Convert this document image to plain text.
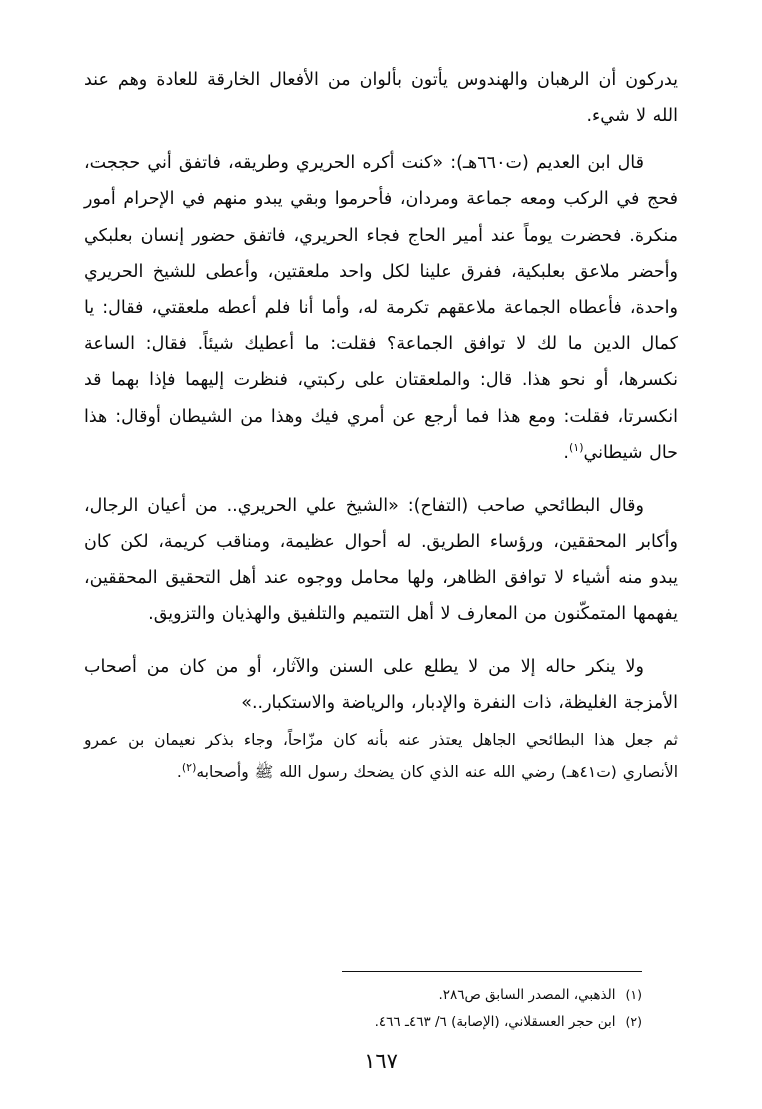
يدركون أن الرهبان والهندوس يأتون بألوان من الأفعال الخارقة للعادة وهم عند الله لا شيء.

قال ابن العديم (ت٦٦٠هـ): «كنت أكره الحريري وطريقه، فاتفق أني حججت، فحج في الركب ومعه جماعة ومردان، فأحرموا وبقي يبدو منهم في الإحرام أمور منكرة. فحضرت يوماً عند أمير الحاج فجاء الحريري، فاتفق حضور إنسان بعلبكي وأحضر ملاعق بعلبكية، ففرق علينا لكل واحد ملعقتين، وأعطى للشيخ الحريري واحدة، فأعطاه الجماعة ملاعقهم تكرمة له، وأما أنا فلم أعطه ملعقتي، فقال: يا كمال الدين ما لك لا توافق الجماعة؟ فقلت: ما أعطيك شيئاً. فقال: الساعة نكسرها، أو نحو هذا. قال: والملعقتان على ركبتي، فنظرت إليهما فإذا بهما قد انكسرتا، فقلت: ومع هذا فما أرجع عن أمري فيك وهذا من الشيطان أوقال: هذا حال شيطاني$^{(١)}$.

وقال البطائحي صاحب (التفاح): «الشيخ علي الحريري.. من أعيان الرجال، وأكابر المحققين، ورؤساء الطريق. له أحوال عظيمة، ومناقب كريمة، لكن كان يبدو منه أشياء لا توافق الظاهر، ولها محامل ووجوه عند أهل التحقيق المحققين، يفهمها المتمكّنون من المعارف لا أهل التتميم والتلفيق والهذيان والتزويق.

ولا ينكر حاله إلا من لا يطلع على السنن والآثار، أو من كان من أصحاب الأمزجة الغليظة، ذات النفرة والإدبار، والرياضة والاستكبار..»

ثم جعل هذا البطائحي الجاهل يعتذر عنه بأنه كان مزّاحاً، وجاء بذكر نعيمان بن عمرو الأنصاري (ت٤١هـ) رضي الله عنه الذي كان يضحك رسول الله ﷺ وأصحابه$^{(٢)}$.

(١)
الذهبي، المصدر السابق ص٢٨٦.
(٢)
ابن حجر العسقلاني، (الإصابة) ٦/ ٤٦٣ـ ٤٦٦.
١٦٧
